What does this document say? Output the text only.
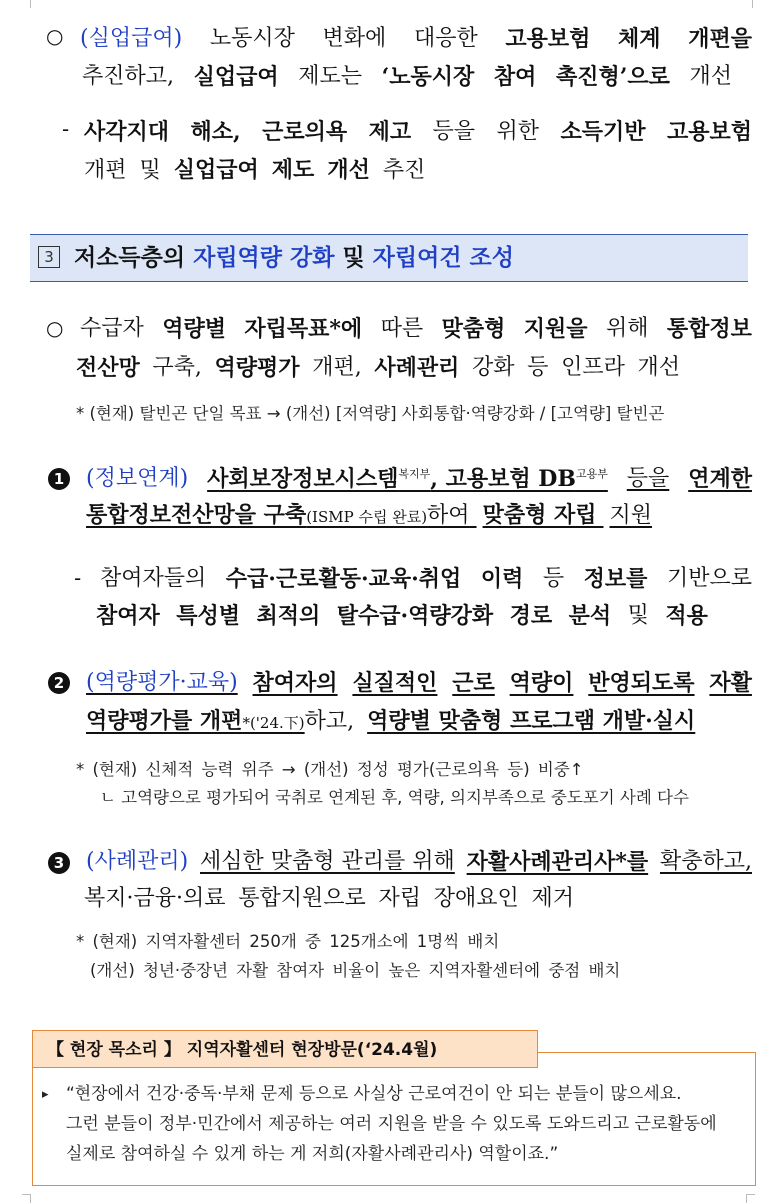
○ (실업급여) 노동시장 변화에 대응한 고용보험 체계 개편을
추진하고, 실업급여 제도는 ‘노동시장 참여 촉진형’으로 개선
- 사각지대 해소, 근로의욕 제고 등을 위한 소득기반 고용보험
개편 및 실업급여 제도 개선 추진
3 저소득층의 자립역량 강화 및 자립여건 조성
○ 수급자 역량별 자립목표*에 따른 맞춤형 지원을 위해 통합정보
전산망 구축, 역량평가 개편, 사례관리 강화 등 인프라 개선
* (현재) 탈빈곤 단일 목표 → (개선) [저역량] 사회통합·역량강화 / [고역량] 탈빈곤
1 (정보연계) 사회보장정보시스템$^{복지부}$, 고용보험 $DB^{고용부}$ 등을 연계한
통합정보전산망을 구축(ISMP 수립 완료)하여 맞춤형 자립 지원
- 참여자들의 수급·근로활동·교육·취업 이력 등 정보를 기반으로
참여자 특성별 최적의 탈수급·역량강화 경로 분석 및 적용
2 (역량평가·교육) 참여자의 실질적인 근로 역량이 반영되도록 자활
역량평가를 개편*('24.下)하고, 역량별 맞춤형 프로그램 개발·실시
* (현재) 신체적 능력 위주 → (개선) 정성 평가(근로의욕 등) 비중↑
ㄴ 고역량으로 평가되어 국취로 연계된 후, 역량, 의지부족으로 중도포기 사례 다수
3 (사례관리) 세심한 맞춤형 관리를 위해 자활사례관리사*를 확충하고,
복지·금융·의료 통합지원으로 자립 장애요인 제거
* (현재) 지역자활센터 250개 중 125개소에 1명씩 배치
(개선) 청년·중장년 자활 참여자 비율이 높은 지역자활센터에 중점 배치
【 현장 목소리 】 지역자활센터 현장방문(‘24.4월)
▸ “현장에서 건강·중독·부채 문제 등으로 사실상 근로여건이 안 되는 분들이 많으세요.
그런 분들이 정부·민간에서 제공하는 여러 지원을 받을 수 있도록 도와드리고 근로활동에
실제로 참여하실 수 있게 하는 게 저희(자활사례관리사) 역할이죠.”
